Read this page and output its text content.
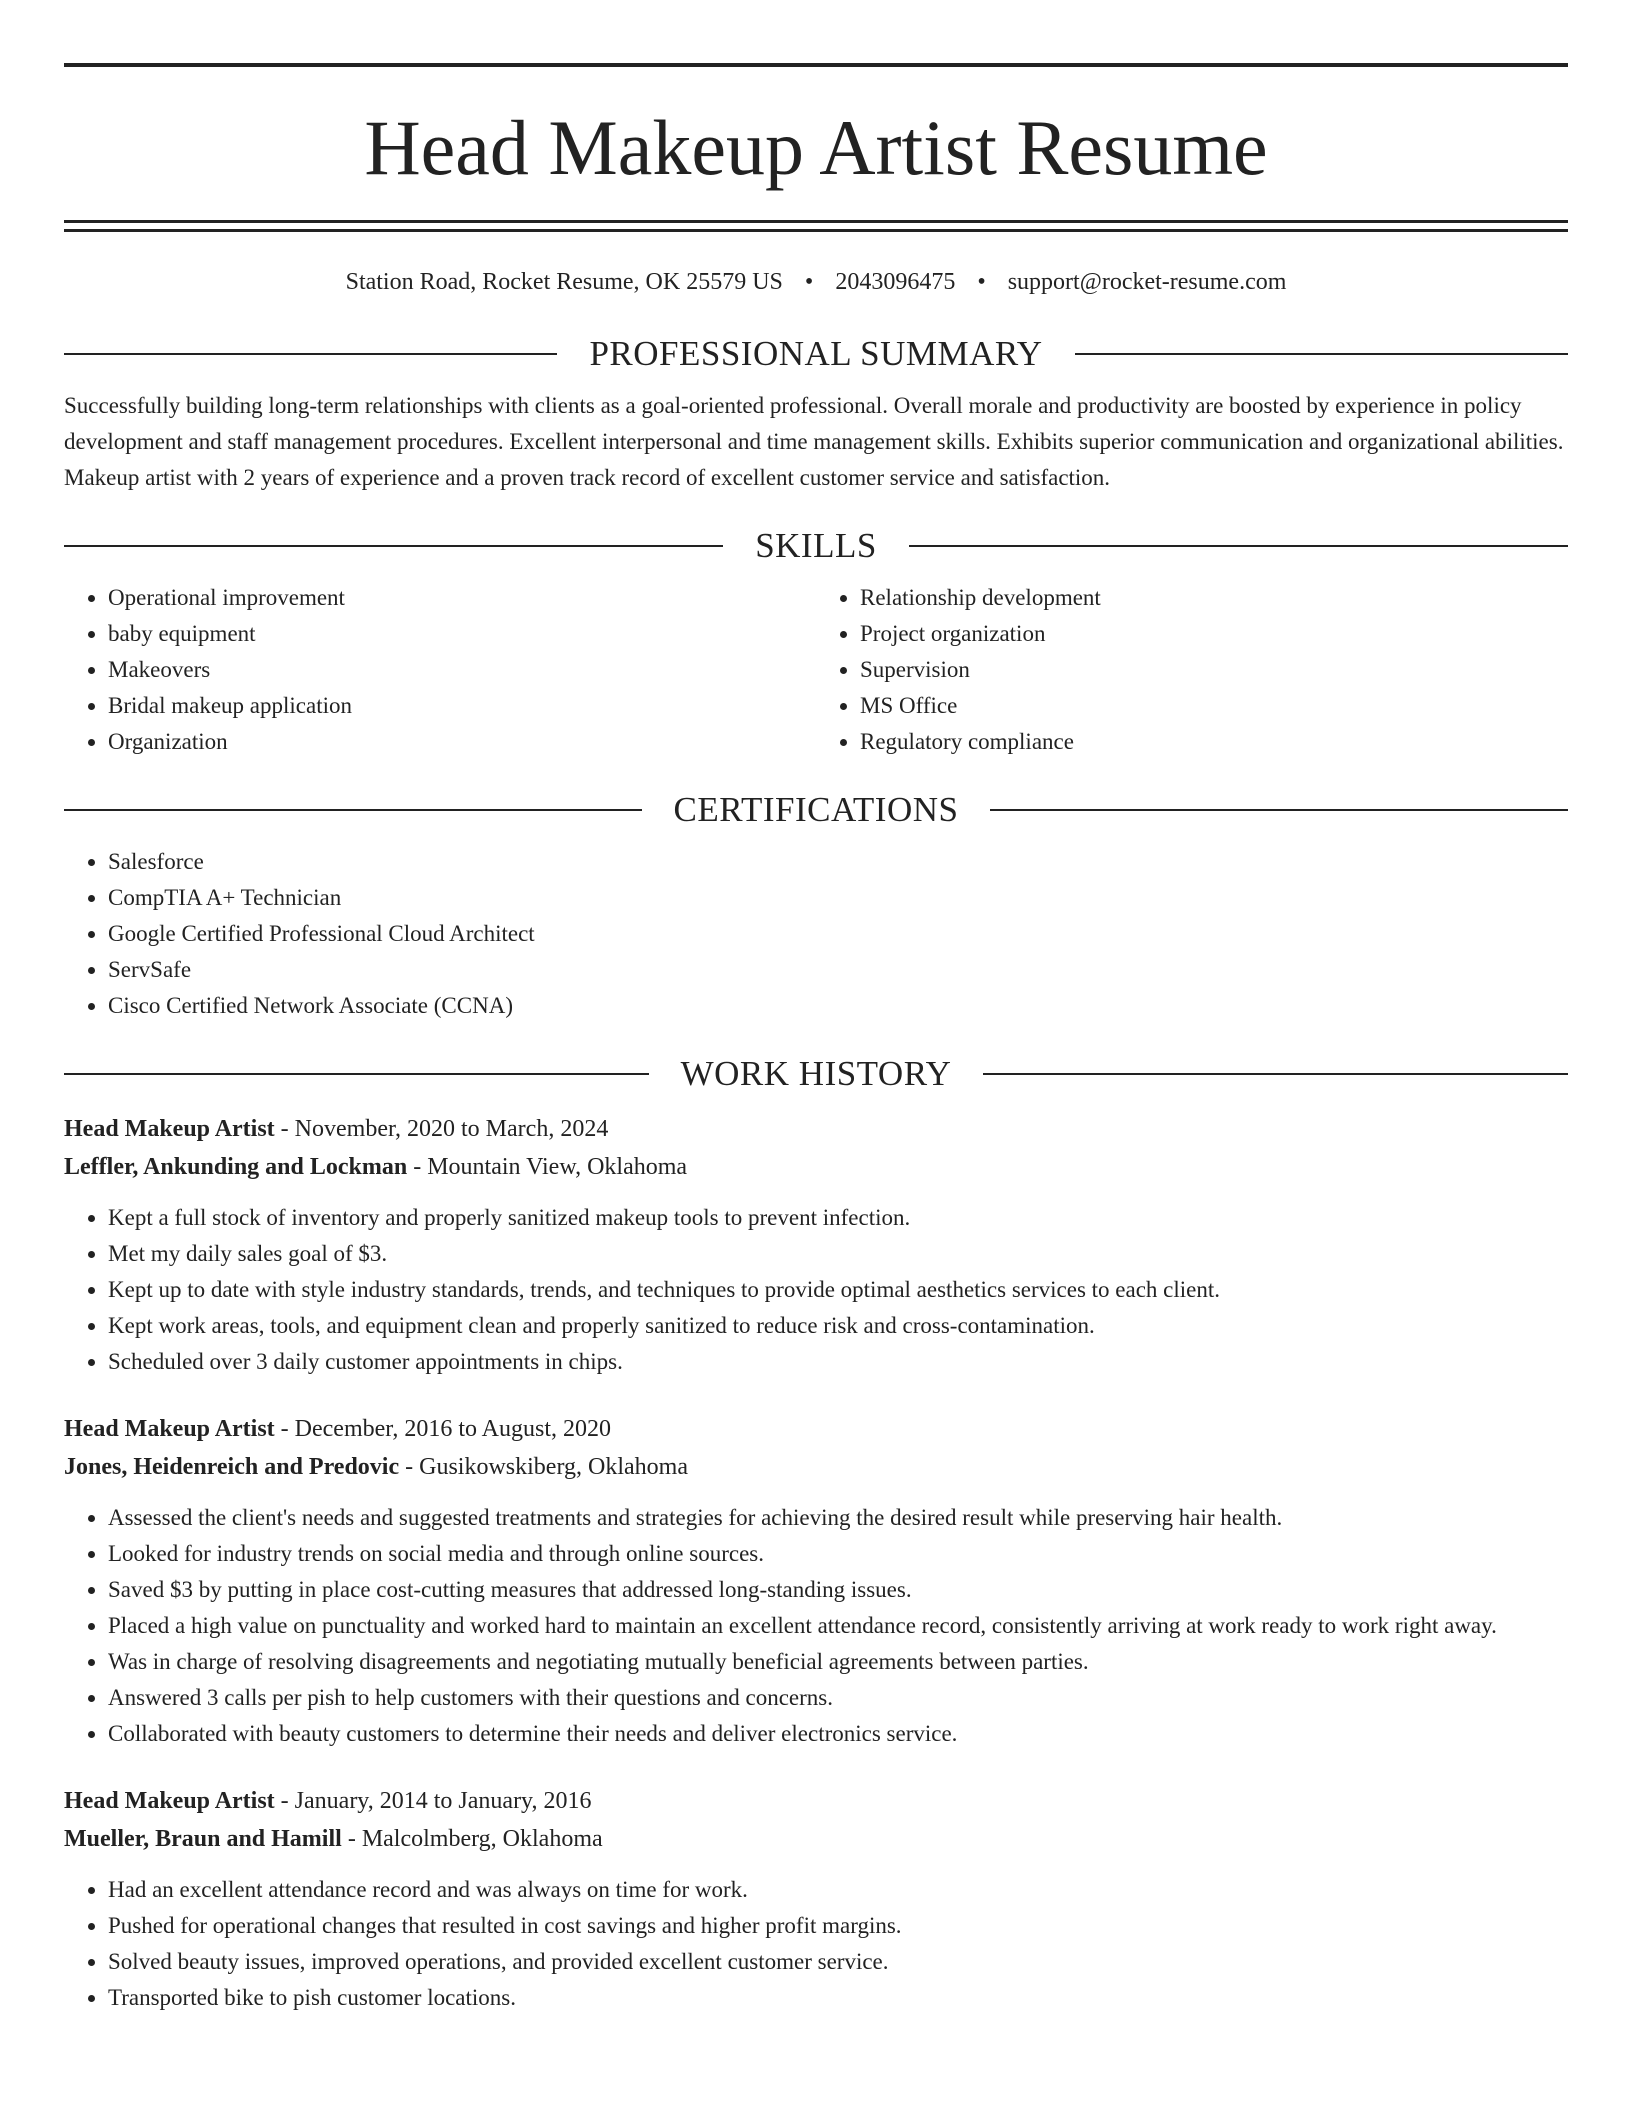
Head Makeup Artist Resume
Station Road, Rocket Resume, OK 25579 US • 2043096475 • support@rocket-resume.com
PROFESSIONAL SUMMARY

Successfully building long-term relationships with clients as a goal-oriented professional. Overall morale and productivity are boosted by experience in policy development and staff management procedures. Excellent interpersonal and time management skills. Exhibits superior communication and organizational abilities. Makeup artist with 2 years of experience and a proven track record of excellent customer service and satisfaction.

SKILLS
• Operational improvement
• baby equipment
• Makeovers
• Bridal makeup application
• Organization
• Relationship development
• Project organization
• Supervision
• MS Office
• Regulatory compliance
CERTIFICATIONS
• Salesforce
• CompTIA A+ Technician
• Google Certified Professional Cloud Architect
• ServSafe
• Cisco Certified Network Associate (CCNA)
WORK HISTORY
Head Makeup Artist - November, 2020 to March, 2024
Leffler, Ankunding and Lockman - Mountain View, Oklahoma
• Kept a full stock of inventory and properly sanitized makeup tools to prevent infection.
• Met my daily sales goal of $3.
• Kept up to date with style industry standards, trends, and techniques to provide optimal aesthetics services to each client.
• Kept work areas, tools, and equipment clean and properly sanitized to reduce risk and cross-contamination.
• Scheduled over 3 daily customer appointments in chips.
Head Makeup Artist - December, 2016 to August, 2020
Jones, Heidenreich and Predovic - Gusikowskiberg, Oklahoma
• Assessed the client's needs and suggested treatments and strategies for achieving the desired result while preserving hair health.
• Looked for industry trends on social media and through online sources.
• Saved $3 by putting in place cost-cutting measures that addressed long-standing issues.
• Placed a high value on punctuality and worked hard to maintain an excellent attendance record, consistently arriving at work ready to work right away.
• Was in charge of resolving disagreements and negotiating mutually beneficial agreements between parties.
• Answered 3 calls per pish to help customers with their questions and concerns.
• Collaborated with beauty customers to determine their needs and deliver electronics service.
Head Makeup Artist - January, 2014 to January, 2016
Mueller, Braun and Hamill - Malcolmberg, Oklahoma
• Had an excellent attendance record and was always on time for work.
• Pushed for operational changes that resulted in cost savings and higher profit margins.
• Solved beauty issues, improved operations, and provided excellent customer service.
• Transported bike to pish customer locations.
